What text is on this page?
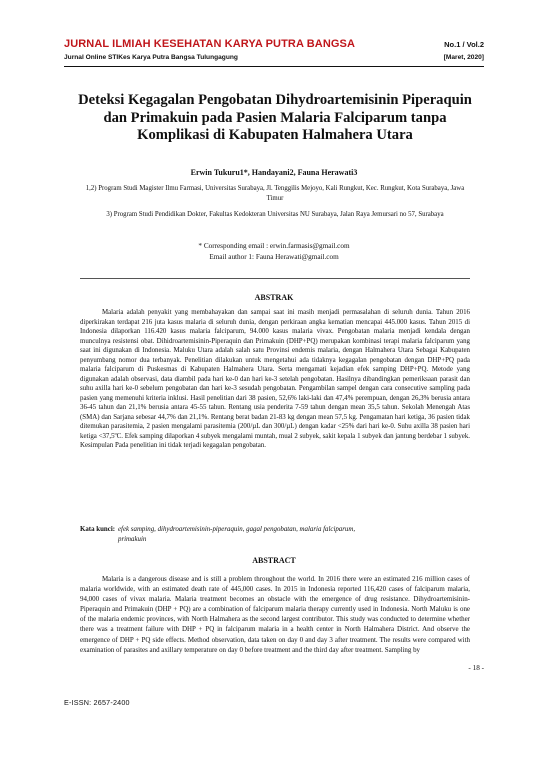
JURNAL ILMIAH KESEHATAN KARYA PUTRA BANGSA	No.1 / Vol.2
Jurnal Online STIKes Karya Putra Bangsa Tulungagung	[Maret, 2020]
Deteksi Kegagalan Pengobatan Dihydroartemisinin Piperaquin dan Primakuin pada Pasien Malaria Falciparum tanpa Komplikasi di Kabupaten Halmahera Utara
Erwin Tukuru1*, Handayani2, Fauna Herawati3
1,2) Program Studi Magister Ilmu Farmasi, Universitas Surabaya, Jl. Tenggilis Mejoyo, Kali Rungkut, Kec. Rungkut, Kota Surabaya, Jawa Timur
3) Program Studi Pendidikan Dokter, Fakultas Kedokteran Universitas NU Surabaya, Jalan Raya Jemursari no 57, Surabaya
* Corresponding email : erwin.farmasis@gmail.com
Email author 1: Fauna Herawati@gmail.com
ABSTRAK
Malaria adalah penyakit yang membahayakan dan sampai saat ini masih menjadi permasalahan di seluruh dunia. Tahun 2016 diperkirakan terdapat 216 juta kasus malaria di seluruh dunia, dengan perkiraan angka kematian mencapai 445.000 kasus. Tahun 2015 di Indonesia dilaporkan 116.420 kasus malaria falciparum, 94.000 kasus malaria vivax. Pengobatan malaria menjadi kendala dengan munculnya resistensi obat. Dihidroartemisinin-Piperaquin dan Primakuin (DHP+PQ) merupakan kombinasi terapi malaria falciparum yang saat ini digunakan di Indonesia. Maluku Utara adalah salah satu Provinsi endemis malaria, dengan Halmahera Utara Sebagai Kabupaten penyumbang nomor dua terbanyak. Penelitian dilakukan untuk mengetahui ada tidaknya kegagalan pengobatan dengan DHP+PQ pada malaria falciparum di Puskesmas di Kabupaten Halmahera Utara. Serta mengamati kejadian efek samping DHP+PQ. Metode yang digunakan adalah observasi, data diambil pada hari ke-0 dan hari ke-3 setelah pengobatan. Hasilnya dibandingkan pemeriksaan parasit dan suhu axilla hari ke-0 sebelum pengobatan dan hari ke-3 sesudah pengobatan. Pengambilan sampel dengan cara consecutive sampling pada pasien yang memenuhi kriteria inklusi. Hasil penelitian dari 38 pasien, 52,6% laki-laki dan 47,4% perempuan, dengan 26,3% berusia antara 36-45 tahun dan 21,1% berusia antara 45-55 tahun. Rentang usia penderita 7-59 tahun dengan mean 35,5 tahun. Sekolah Menengah Atas (SMA) dan Sarjana sebesar 44,7% dan 21,1%. Rentang berat badan 21-83 kg dengan mean 57,5 kg. Pengamatan hari ketiga, 36 pasien tidak ditemukan parasitemia, 2 pasien mengalami parasitemia (200/µL dan 300/µL) dengan kadar <25% dari hari ke-0. Suhu axilla 38 pasien hari ketiga <37,5ºC. Efek samping dilaporkan 4 subyek mengalami muntah, mual 2 subyek, sakit kepala 1 subyek dan jantung berdebar 1 subyek. Kesimpulan Pada penelitian ini tidak terjadi kegagalan pengobatan.
Kata kunci: efek samping, dihydroartemisinin-piperaquin, gagal pengobatan, malaria falciparum,
primakuin
ABSTRACT
Malaria is a dangerous disease and is still a problem throughout the world. In 2016 there were an estimated 216 million cases of malaria worldwide, with an estimated death rate of 445,000 cases. In 2015 in Indonesia reported 116,420 cases of falciparum malaria, 94,000 cases of vivax malaria. Malaria treatment becomes an obstacle with the emergence of drug resistance. Dihydroartemisinin-Piperaquin and Primakuin (DHP + PQ) are a combination of falciparum malaria therapy currently used in Indonesia. North Maluku is one of the malaria endemic provinces, with North Halmahera as the second largest contributor. This study was conducted to determine whether there was a treatment failure with DHP + PQ in falciparum malaria in a health center in North Halmahera District. And observe the emergence of DHP + PQ side effects. Method observation, data taken on day 0 and day 3 after treatment. The results were compared with examination of parasites and axillary temperature on day 0 before treatment and the third day after treatment. Sampling by
- 18 -
E-ISSN: 2657-2400
